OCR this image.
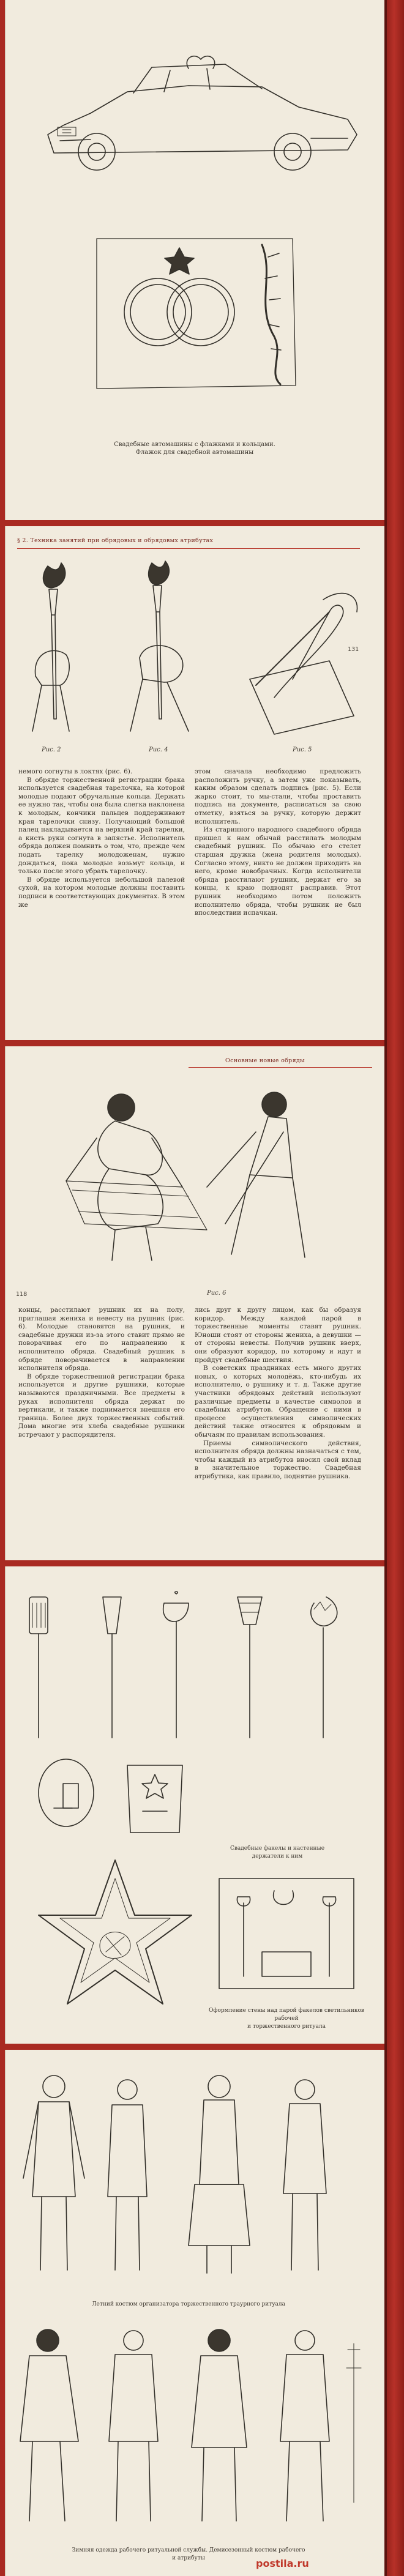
Свадебные автомашины с флажками и кольцами.
Флажок для свадебной автомашины
§ 2. Техника занятий при обрядовых и обрядовых атрибутах
131
Рис. 2	Рис. 4	Рис. 5

немого согнуты в локтях (рис. 6).

В обряде торжественной регистрации брака используется свадебная тарелочка, на которой молодые подают обручальные кольца. Держать ее нужно так, чтобы она была слегка наклонена к молодым, кончики пальцев поддерживают края тарелочки снизу. Получающий большой палец накладывается на верхний край тарелки, а кисть руки согнута в запястье. Исполнитель обряда должен помнить о том, что, прежде чем подать тарелку молодоженам, нужно дождаться, пока молодые возьмут кольца, и только после этого убрать тарелочку.

В обряде используется небольшой палевой сухой, на котором молодые должны поставить подписи в соответствующих документах. В этом же

этом сначала необходимо предложить расположить ручку, а затем уже показывать, каким образом сделать подпись (рис. 5). Если жарко стоит, то мы-стали, чтобы проставить подпись на документе, расписаться за свою отметку, взяться за ручку, которую держит исполнитель.

Из старинного народного свадебного обряда пришел к нам обычай расстилать молодым свадебный рушник. По обычаю его стелет старшая дружка (жена родителя молодых). Согласно этому, никто не должен приходить на него, кроме новобрачных. Когда исполнители обряда расстилают рушник, держат его за концы, к краю подводят расправив. Этот рушник необходимо потом положить исполнителю обряда, чтобы рушник не был впоследствии испачкан.

Основные новые обряды
118	Рис. 6

концы, расстилают рушник их на полу, приглашая жениха и невесту на рушник (рис. 6). Молодые становятся на рушник, и свадебные дружки из-за этого ставит прямо не поворачивая его по направлению к исполнителю обряда. Свадебный рушник в обряде поворачивается в направлении исполнителя обряда.

В обряде торжественной регистрации брака используется и другие рушники, которые называются праздничными. Все предметы в руках исполнителя обряда держат по вертикали, и также поднимается внешняя его граница. Более двух торжественных событий. Дома многие эти хлеба свадебные рушники встречают у распорядителя.

лись друг к другу лицом, как бы образуя коридор. Между каждой парой в торжественные моменты ставят рушник. Юноши стоят от стороны жениха, а девушки — от стороны невесты. Получив рушник вверх, они образуют коридор, по которому и идут и пройдут свадебные шествия.

В советских праздниках есть много других новых, о которых молодёжь, кто-нибудь их исполнителю, о рушнику и т. д. Также другие участники обрядовых действий используют различные предметы в качестве символов и свадебных атрибутов. Обращение с ними в процессе осуществления символических действий также относится к обрядовым и обычаям по правилам использования.

Приемы символического действия, исполнителя обряда должны назначаться с тем, чтобы каждый из атрибутов вносил свой вклад в значительное торжество. Свадебная атрибутика, как правило, поднятие рушника.

Свадебные факелы и настенные
держатели к ним
Оформление стены над парой факелов светильников рабочей
и торжественного ритуала
Летний костюм организатора торжественного траурного ритуала
Зимняя одежда рабочего ритуальной службы. Демисезонный костюм рабочего
и атрибуты	postila.ru
